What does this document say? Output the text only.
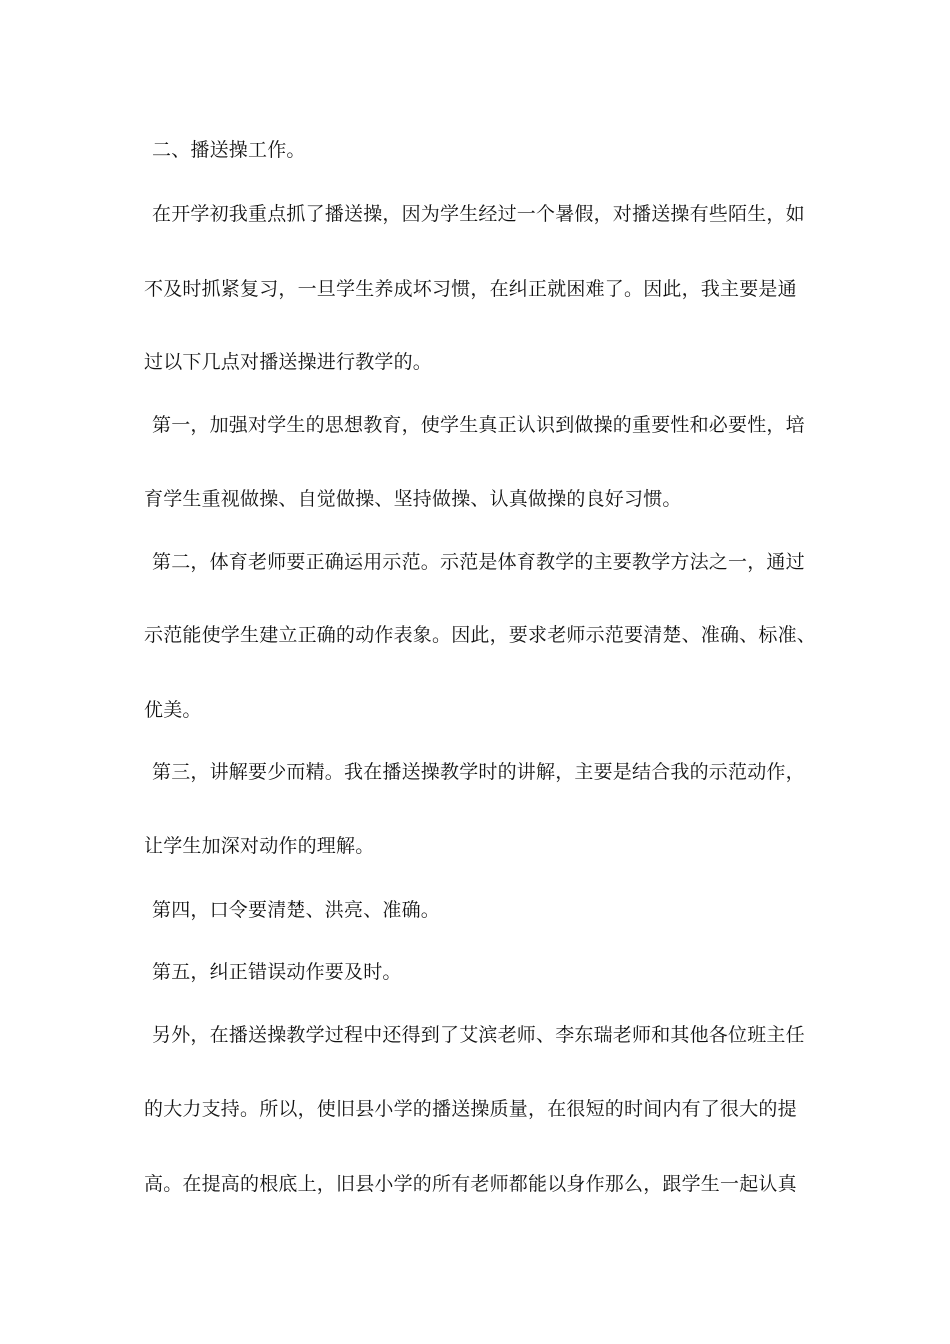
二、播送操工作。
在开学初我重点抓了播送操，因为学生经过一个暑假，对播送操有些陌生，如
不及时抓紧复习，一旦学生养成坏习惯，在纠正就困难了。因此，我主要是通
过以下几点对播送操进行教学的。
第一，加强对学生的思想教育，使学生真正认识到做操的重要性和必要性，培
育学生重视做操、自觉做操、坚持做操、认真做操的良好习惯。
第二，体育老师要正确运用示范。示范是体育教学的主要教学方法之一，通过
示范能使学生建立正确的动作表象。因此，要求老师示范要清楚、准确、标准、
优美。
第三，讲解要少而精。我在播送操教学时的讲解，主要是结合我的示范动作，
让学生加深对动作的理解。
第四，口令要清楚、洪亮、准确。
第五，纠正错误动作要及时。
另外，在播送操教学过程中还得到了艾滨老师、李东瑞老师和其他各位班主任
的大力支持。所以，使旧县小学的播送操质量，在很短的时间内有了很大的提
高。在提高的根底上，旧县小学的所有老师都能以身作那么，跟学生一起认真
